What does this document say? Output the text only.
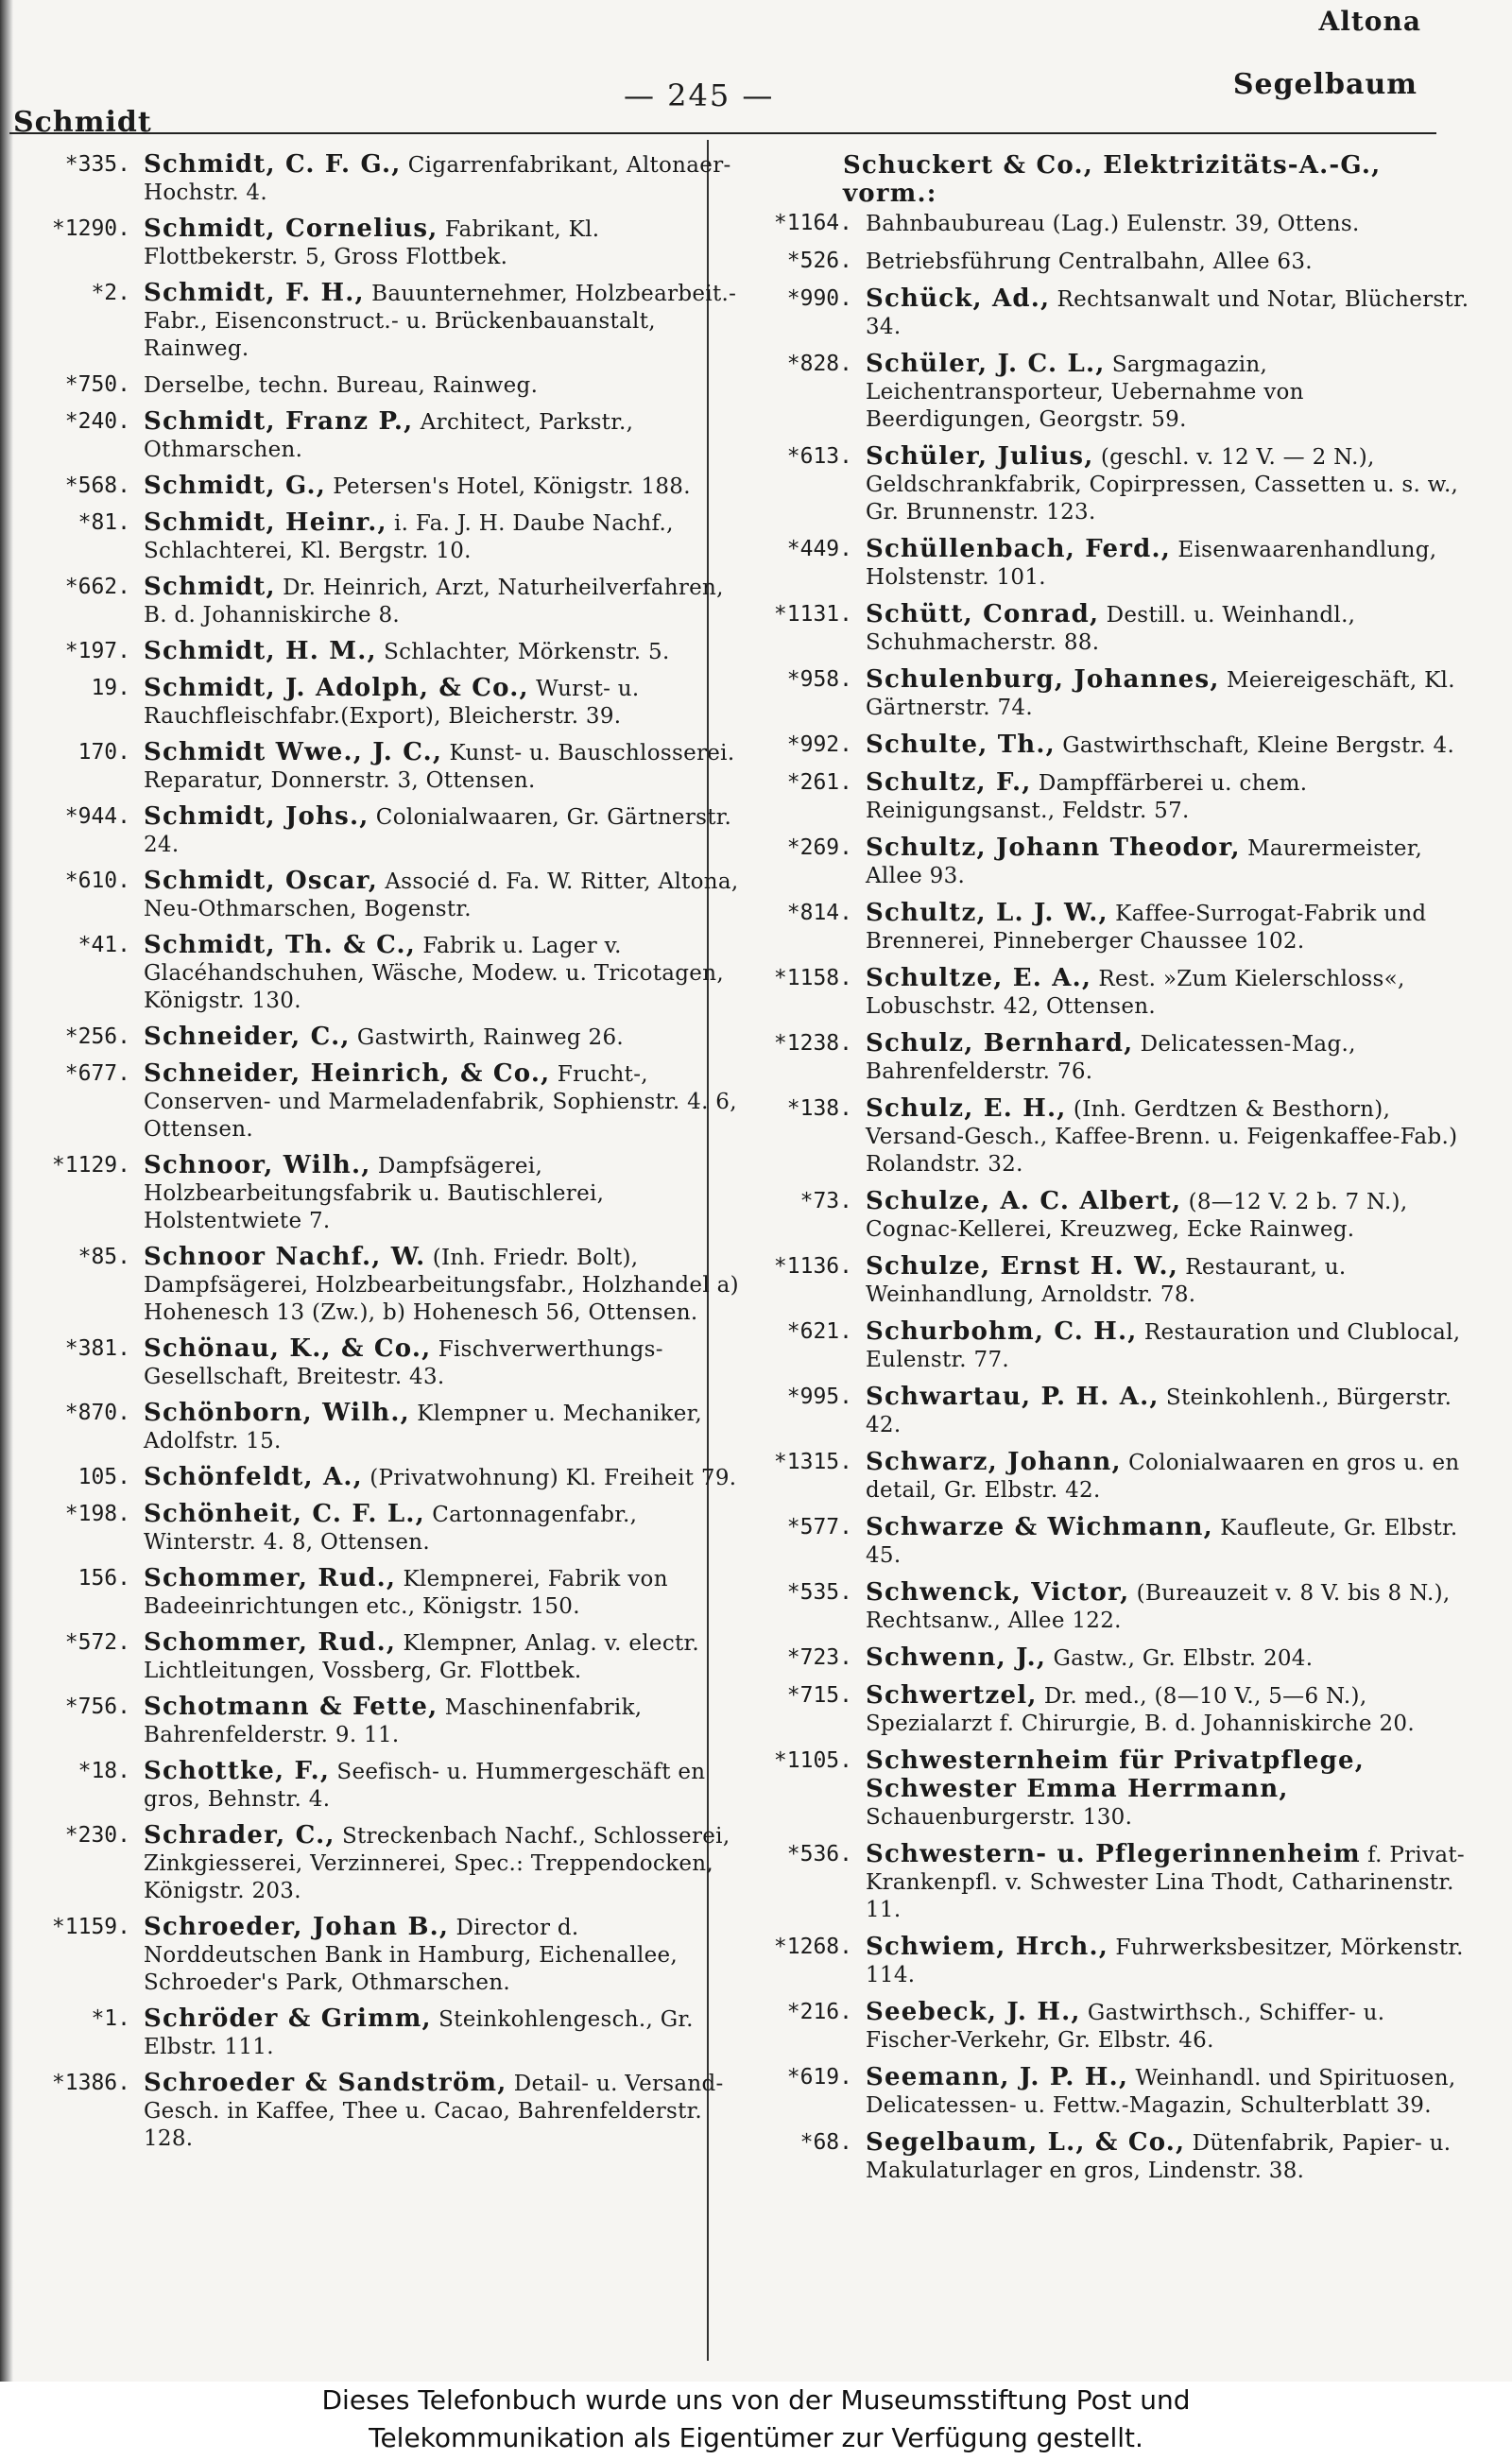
Altona
Schmidt
— 245 —	Segelbaum
*335. Schmidt, C. F. G., Cigarrenfabrikant, Altonaer-Hochstr. 4.
*1290. Schmidt, Cornelius, Fabrikant, Kl. Flottbekerstr. 5, Gross Flottbek.
*2. Schmidt, F. H., Bauunternehmer, Holzbearbeit.-Fabr., Eisenconstruct.- u. Brückenbauanstalt, Rainweg.
*750. Derselbe, techn. Bureau, Rainweg.
*240. Schmidt, Franz P., Architect, Parkstr., Othmarschen.
*568. Schmidt, G., Petersen's Hotel, Königstr. 188.
*81. Schmidt, Heinr., i. Fa. J. H. Daube Nachf., Schlachterei, Kl. Bergstr. 10.
*662. Schmidt, Dr. Heinrich, Arzt, Naturheilverfahren, B. d. Johanniskirche 8.
*197. Schmidt, H. M., Schlachter, Mörkenstr. 5.
19. Schmidt, J. Adolph, & Co., Wurst- u. Rauchfleischfabr.(Export), Bleicherstr. 39.
170. Schmidt Wwe., J. C., Kunst- u. Bauschlosserei. Reparatur, Donnerstr. 3, Ottensen.
*944. Schmidt, Johs., Colonialwaaren, Gr. Gärtnerstr. 24.
*610. Schmidt, Oscar, Associé d. Fa. W. Ritter, Altona, Neu-Othmarschen, Bogenstr.
*41. Schmidt, Th. & C., Fabrik u. Lager v. Glacéhandschuhen, Wäsche, Modew. u. Tricotagen, Königstr. 130.
*256. Schneider, C., Gastwirth, Rainweg 26.
*677. Schneider, Heinrich, & Co., Frucht-, Conserven- und Marmeladenfabrik, Sophienstr. 4. 6, Ottensen.
*1129. Schnoor, Wilh., Dampfsägerei, Holzbearbeitungsfabrik u. Bautischlerei, Holstentwiete 7.
*85. Schnoor Nachf., W. (Inh. Friedr. Bolt), Dampfsägerei, Holzbearbeitungsfabr., Holzhandel a) Hohenesch 13 (Zw.), b) Hohenesch 56, Ottensen.
*381. Schönau, K., & Co., Fischverwerthungs-Gesellschaft, Breitestr. 43.
*870. Schönborn, Wilh., Klempner u. Mechaniker, Adolfstr. 15.
105. Schönfeldt, A., (Privatwohnung) Kl. Freiheit 79.
*198. Schönheit, C. F. L., Cartonnagenfabr., Winterstr. 4. 8, Ottensen.
156. Schommer, Rud., Klempnerei, Fabrik von Badeeinrichtungen etc., Königstr. 150.
*572. Schommer, Rud., Klempner, Anlag. v. electr. Lichtleitungen, Vossberg, Gr. Flottbek.
*756. Schotmann & Fette, Maschinenfabrik, Bahrenfelderstr. 9. 11.
*18. Schottke, F., Seefisch- u. Hummergeschäft en gros, Behnstr. 4.
*230. Schrader, C., Streckenbach Nachf., Schlosserei, Zinkgiesserei, Verzinnerei, Spec.: Treppendocken, Königstr. 203.
*1159. Schroeder, Johan B., Director d. Norddeutschen Bank in Hamburg, Eichenallee, Schroeder's Park, Othmarschen.
*1. Schröder & Grimm, Steinkohlengesch., Gr. Elbstr. 111.
*1386. Schroeder & Sandström, Detail- u. Versand-Gesch. in Kaffee, Thee u. Cacao, Bahrenfelderstr. 128.
Schuckert & Co., Elektrizitäts-A.-G., vorm.:
*1164. Bahnbaubureau (Lag.) Eulenstr. 39, Ottens.
*526. Betriebsführung Centralbahn, Allee 63.
*990. Schück, Ad., Rechtsanwalt und Notar, Blücherstr. 34.
*828. Schüler, J. C. L., Sargmagazin, Leichentransporteur, Uebernahme von Beerdigungen, Georgstr. 59.
*613. Schüler, Julius, (geschl. v. 12 V. — 2 N.), Geldschrankfabrik, Copirpressen, Cassetten u. s. w., Gr. Brunnenstr. 123.
*449. Schüllenbach, Ferd., Eisenwaarenhandlung, Holstenstr. 101.
*1131. Schütt, Conrad, Destill. u. Weinhandl., Schuhmacherstr. 88.
*958. Schulenburg, Johannes, Meiereigeschäft, Kl. Gärtnerstr. 74.
*992. Schulte, Th., Gastwirthschaft, Kleine Bergstr. 4.
*261. Schultz, F., Dampffärberei u. chem. Reinigungsanst., Feldstr. 57.
*269. Schultz, Johann Theodor, Maurermeister, Allee 93.
*814. Schultz, L. J. W., Kaffee-Surrogat-Fabrik und Brennerei, Pinneberger Chaussee 102.
*1158. Schultze, E. A., Rest. »Zum Kielerschloss«, Lobuschstr. 42, Ottensen.
*1238. Schulz, Bernhard, Delicatessen-Mag., Bahrenfelderstr. 76.
*138. Schulz, E. H., (Inh. Gerdtzen & Besthorn), Versand-Gesch., Kaffee-Brenn. u. Feigenkaffee-Fab.) Rolandstr. 32.
*73. Schulze, A. C. Albert, (8—12 V. 2 b. 7 N.), Cognac-Kellerei, Kreuzweg, Ecke Rainweg.
*1136. Schulze, Ernst H. W., Restaurant, u. Weinhandlung, Arnoldstr. 78.
*621. Schurbohm, C. H., Restauration und Clublocal, Eulenstr. 77.
*995. Schwartau, P. H. A., Steinkohlenh., Bürgerstr. 42.
*1315. Schwarz, Johann, Colonialwaaren en gros u. en detail, Gr. Elbstr. 42.
*577. Schwarze & Wichmann, Kaufleute, Gr. Elbstr. 45.
*535. Schwenck, Victor, (Bureauzeit v. 8 V. bis 8 N.), Rechtsanw., Allee 122.
*723. Schwenn, J., Gastw., Gr. Elbstr. 204.
*715. Schwertzel, Dr. med., (8—10 V., 5—6 N.), Spezialarzt f. Chirurgie, B. d. Johanniskirche 20.
*1105. Schwesternheim für Privatpflege, Schwester Emma Herrmann, Schauenburgerstr. 130.
*536. Schwestern- u. Pflegerinnenheim f. Privat-Krankenpfl. v. Schwester Lina Thodt, Catharinenstr. 11.
*1268. Schwiem, Hrch., Fuhrwerksbesitzer, Mörkenstr. 114.
*216. Seebeck, J. H., Gastwirthsch., Schiffer- u. Fischer-Verkehr, Gr. Elbstr. 46.
*619. Seemann, J. P. H., Weinhandl. und Spirituosen, Delicatessen- u. Fettw.-Magazin, Schulterblatt 39.
*68. Segelbaum, L., & Co., Dütenfabrik, Papier- u. Makulaturlager en gros, Lindenstr. 38.
Dieses Telefonbuch wurde uns von der Museumsstiftung Post und
Telekommunikation als Eigentümer zur Verfügung gestellt.
